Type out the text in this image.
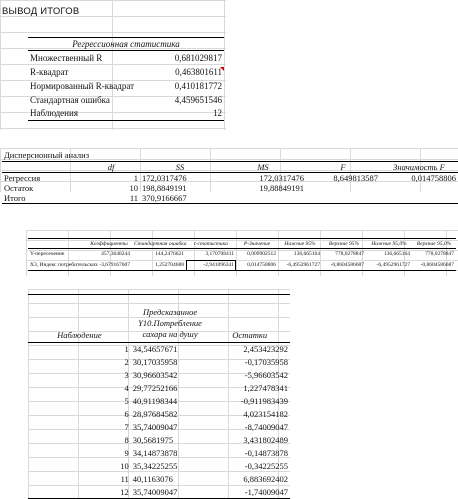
ВЫВОД ИТОГОВ
Регрессионная статистика	
Множественный R	0,681029817
R-квадрат	0,463801611
Нормированный R-квадрат	0,410181772
Стандартная ошибка	4,459651546
Наблюдения	12
Дисперсионный анализ					
	df	SS	MS	F	Значимость F
Регрессия	1	172,0317476	172,0317476	8,649813587	0,014758806
Остаток	10	198,8849191	19,88849191		
Итого	11	370,9166667			
	Коэффициенты	Стандартная ошибка	t-статистика	P-Значение	Нижние 95%	Верхние 95%	Нижние 95,0%	Верхние 95,0%
Y-пересечение	457,3648244	144,2476621	3,170708411	0,009902512	136,665164	778,0278847	136,665164	778,0278847
X3, Индекс потребительских	-3,679167607	1,252704688	-2,941096341	0,014758806	-6,4952961727	-0,8604586687	-6,4952961727	-0,8604586687
Наблюдение	Предсказанное Y10.Потребление сахара на душу	Остатки
1	34,54657671	2,453423292
2	30,17035958	-0,17035958
3	30,96603542	-5,96603542
4	29,77252166	1,227478341
5	40,91198344	-0,911983439
6	28,97684582	4,023154182
7	35,74009047	-8,74009047
8	30,5681975	3,431802489
9	34,14873878	-0,14873878
10	35,34225255	-0,34225255
11	40,1163076	6,883692402
12	35,74009047	-1,74009047
